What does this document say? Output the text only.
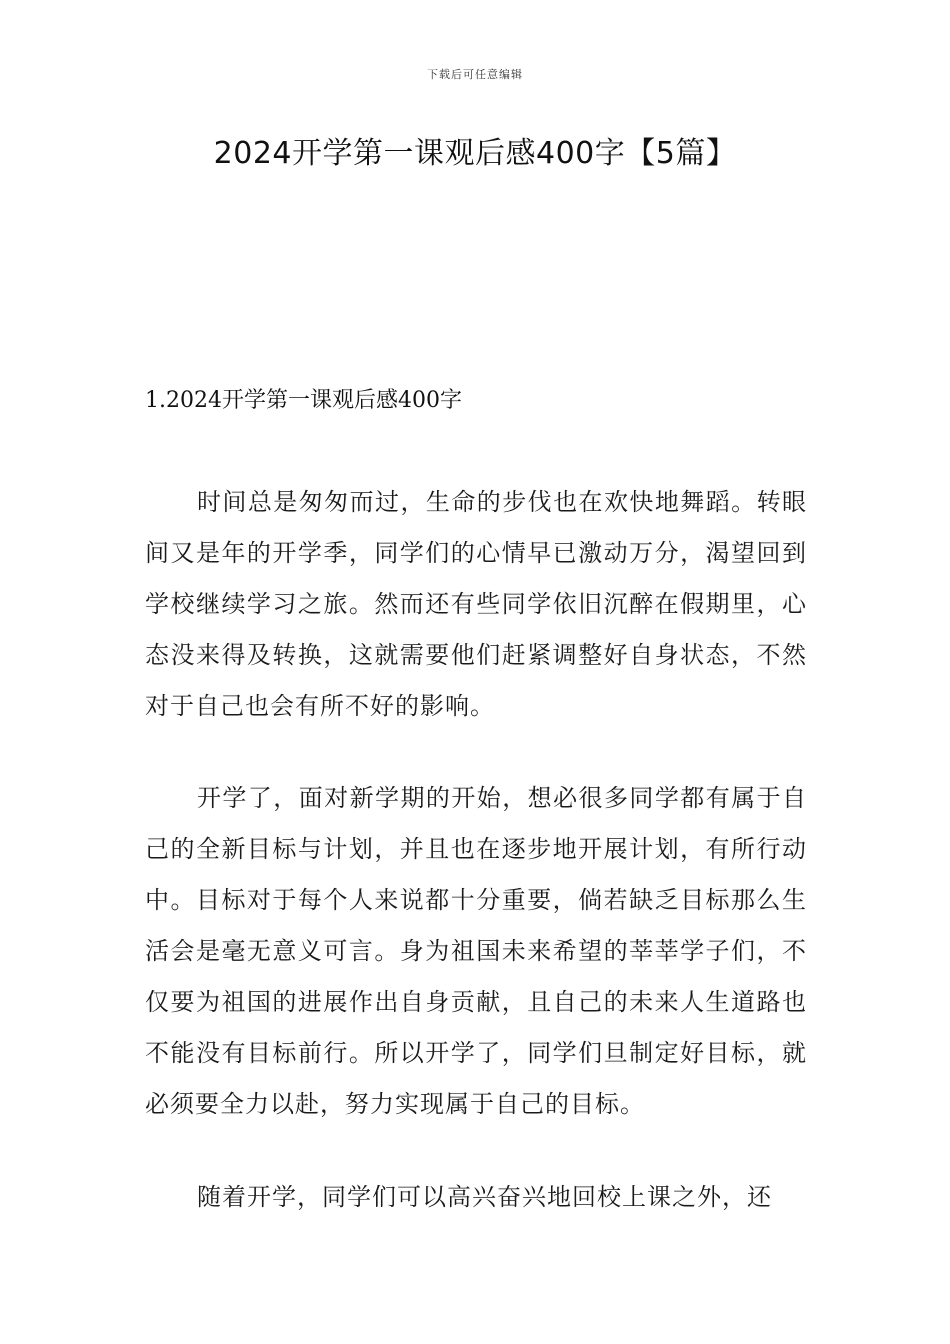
下载后可任意编辑
2024开学第一课观后感400字【5篇】
1.2024开学第一课观后感400字

时间总是匆匆而过，生命的步伐也在欢快地舞蹈。转眼间又是年的开学季，同学们的心情早已激动万分，渴望回到学校继续学习之旅。然而还有些同学依旧沉醉在假期里，心态没来得及转换，这就需要他们赶紧调整好自身状态，不然对于自己也会有所不好的影响。

开学了，面对新学期的开始，想必很多同学都有属于自己的全新目标与计划，并且也在逐步地开展计划，有所行动中。目标对于每个人来说都十分重要，倘若缺乏目标那么生活会是毫无意义可言。身为祖国未来希望的莘莘学子们，不仅要为祖国的进展作出自身贡献，且自己的未来人生道路也不能没有目标前行。所以开学了，同学们旦制定好目标，就必须要全力以赴，努力实现属于自己的目标。

随着开学，同学们可以高兴奋兴地回校上课之外，还
